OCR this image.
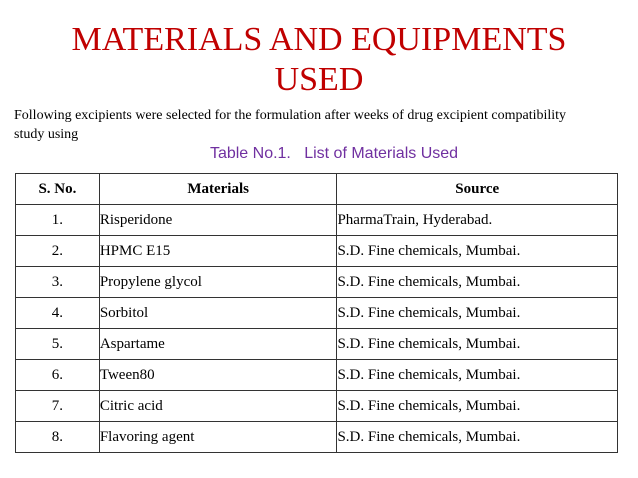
MATERIALS AND EQUIPMENTS
USED

Following excipients were selected for the formulation after weeks of drug excipient compatibility study using

Table No.1.   List of Materials Used
S. No.	Materials	Source
1.	Risperidone	PharmaTrain, Hyderabad.
2.	HPMC E15	S.D. Fine chemicals, Mumbai.
3.	Propylene glycol	S.D. Fine chemicals, Mumbai.
4.	Sorbitol	S.D. Fine chemicals, Mumbai.
5.	Aspartame	S.D. Fine chemicals, Mumbai.
6.	Tween80	S.D. Fine chemicals, Mumbai.
7.	Citric acid	S.D. Fine chemicals, Mumbai.
8.	Flavoring agent	S.D. Fine chemicals, Mumbai.
